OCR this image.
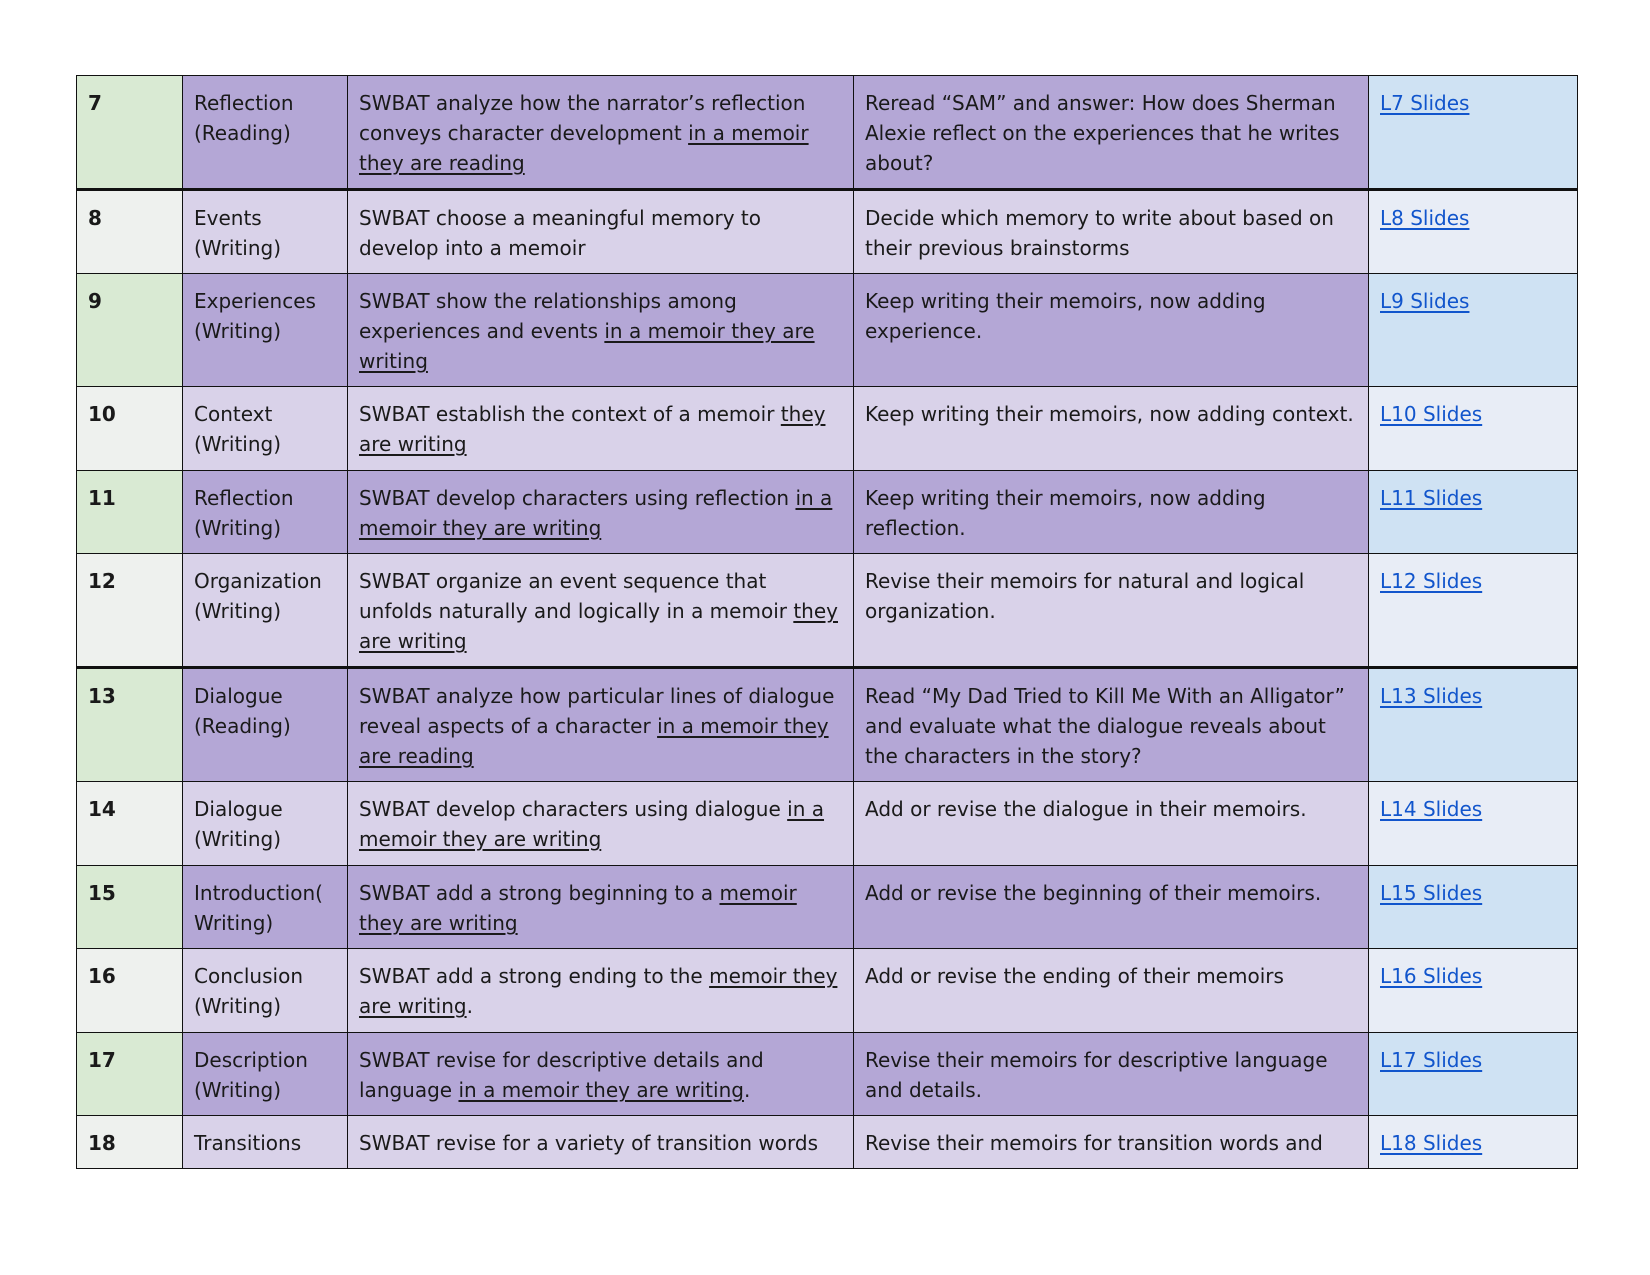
7	Reflection (Reading)	SWBAT analyze how the narrator’s reflection conveys character development in a memoir they are reading	Reread “SAM” and answer: How does Sherman Alexie reflect on the experiences that he writes about?	L7 Slides
8	Events (Writing)	SWBAT choose a meaningful memory to develop into a memoir	Decide which memory to write about based on their previous brainstorms	L8 Slides
9	Experiences (Writing)	SWBAT show the relationships among experiences and events in a memoir they are writing	Keep writing their memoirs, now adding experience.	L9 Slides
10	Context (Writing)	SWBAT establish the context of a memoir they are writing	Keep writing their memoirs, now adding context.	L10 Slides
11	Reflection (Writing)	SWBAT develop characters using reflection in a memoir they are writing	Keep writing their memoirs, now adding reflection.	L11 Slides
12	Organization (Writing)	SWBAT organize an event sequence that unfolds naturally and logically in a memoir they are writing	Revise their memoirs for natural and logical organization.	L12 Slides
13	Dialogue (Reading)	SWBAT analyze how particular lines of dialogue reveal aspects of a character in a memoir they are reading	Read “My Dad Tried to Kill Me With an Alligator” and evaluate what the dialogue reveals about the characters in the story?	L13 Slides
14	Dialogue (Writing)	SWBAT develop characters using dialogue in a memoir they are writing	Add or revise the dialogue in their memoirs.	L14 Slides
15	Introduction( Writing)	SWBAT add a strong beginning to a memoir they are writing	Add or revise the beginning of their memoirs.	L15 Slides
16	Conclusion (Writing)	SWBAT add a strong ending to the memoir they are writing.	Add or revise the ending of their memoirs	L16 Slides
17	Description (Writing)	SWBAT revise for descriptive details and language in a memoir they are writing.	Revise their memoirs for descriptive language and details.	L17 Slides
18	Transitions	SWBAT revise for a variety of transition words	Revise their memoirs for transition words and	L18 Slides
